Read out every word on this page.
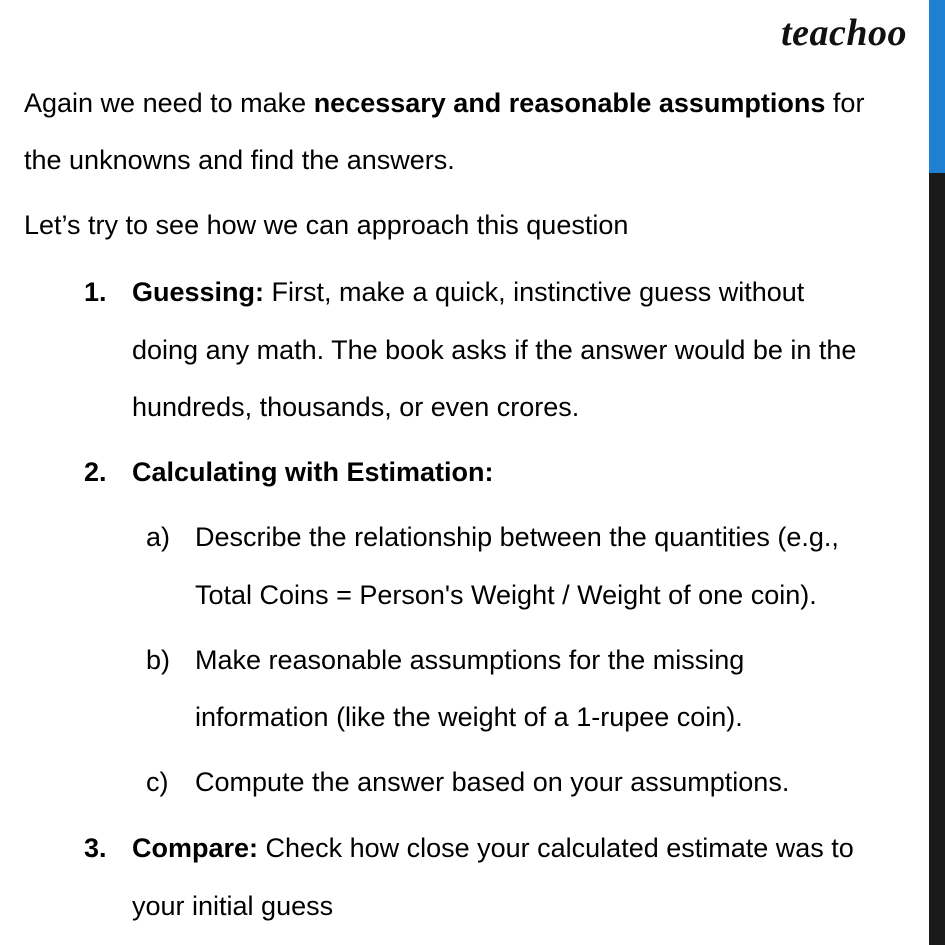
teachoo
Again we need to make necessary and reasonable assumptions for
the unknowns and find the answers.
Let’s try to see how we can approach this question
1. Guessing: First, make a quick, instinctive guess without
doing any math. The book asks if the answer would be in the
hundreds, thousands, or even crores.
2. Calculating with Estimation:
a) Describe the relationship between the quantities (e.g.,
Total Coins = Person's Weight / Weight of one coin).
b) Make reasonable assumptions for the missing
information (like the weight of a 1-rupee coin).
c) Compute the answer based on your assumptions.
3. Compare: Check how close your calculated estimate was to
your initial guess
